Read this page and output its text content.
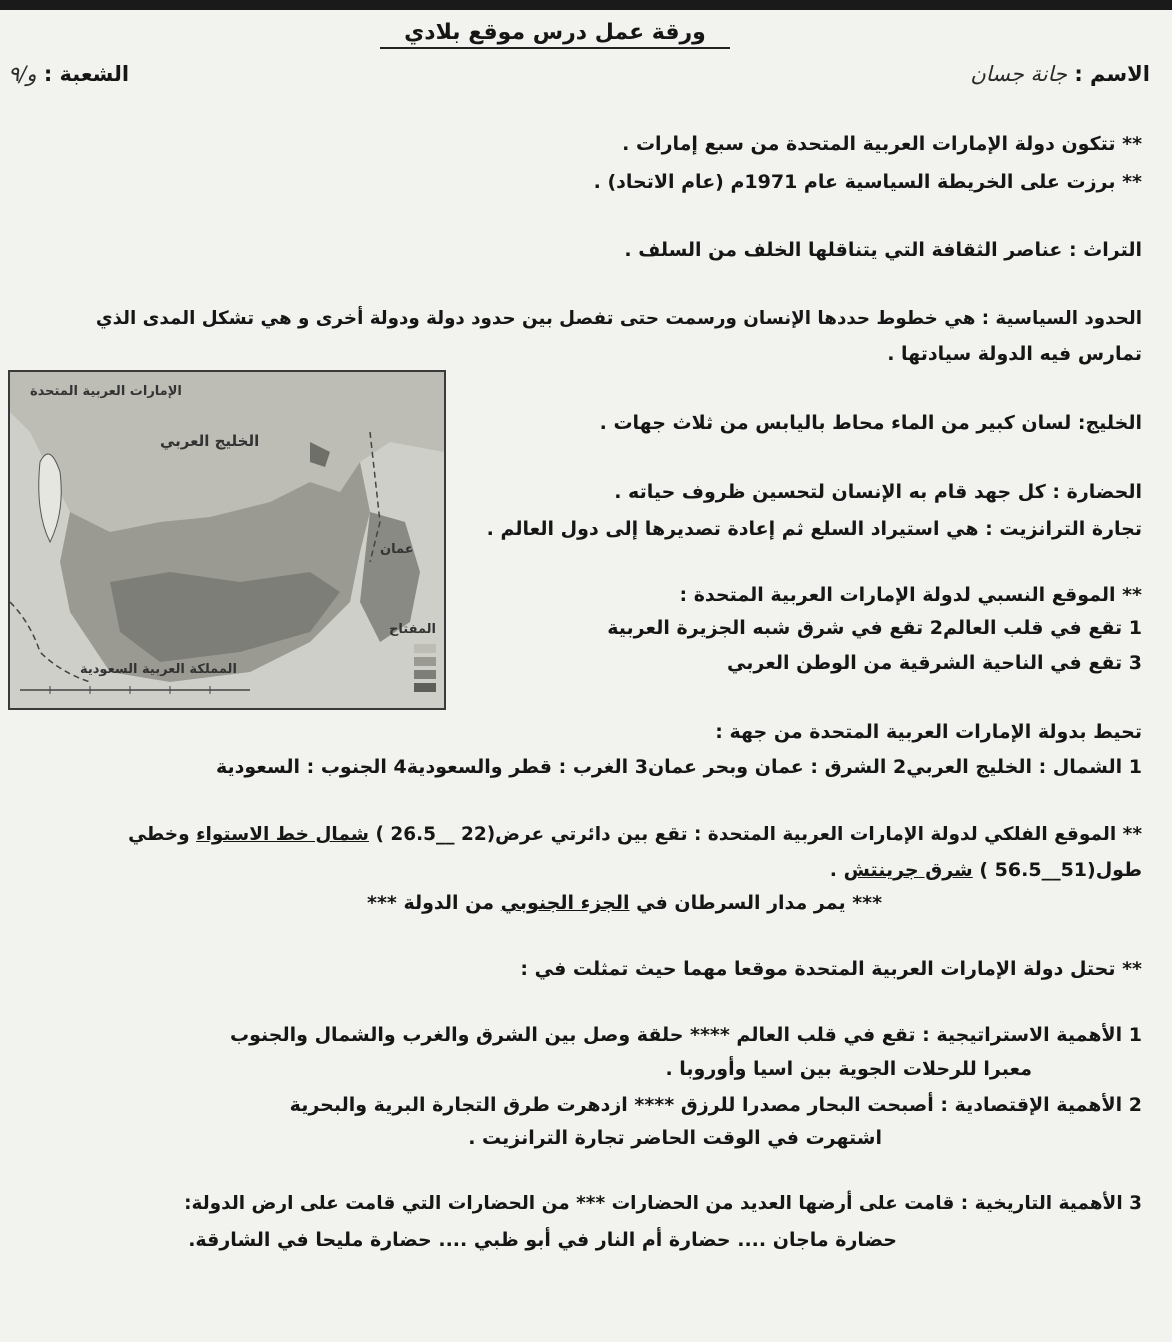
ورقة عمل درس موقع بلادي
الاسم : جانة جسان
الشعبة : و/٩
** تتكون دولة الإمارات العربية المتحدة من سبع إمارات .
** برزت على الخريطة السياسية عام 1971م (عام الاتحاد) .
التراث : عناصر الثقافة التي يتناقلها الخلف من السلف .
الحدود السياسية : هي خطوط حددها الإنسان ورسمت حتى تفصل بين حدود دولة ودولة أخرى و هي تشكل المدى الذي
تمارس فيه الدولة سيادتها .
الخليج: لسان كبير من الماء محاط باليابس من ثلاث جهات .
الحضارة : كل جهد قام به الإنسان لتحسين ظروف حياته .
تجارة الترانزيت : هي استيراد السلع ثم إعادة تصديرها إلى دول العالم .
** الموقع النسبي لدولة الإمارات العربية المتحدة :
1 تقع في قلب العالم2 تقع في شرق شبه الجزيرة العربية
3 تقع في الناحية الشرقية من الوطن العربي
تحيط بدولة الإمارات العربية المتحدة من جهة :
1 الشمال : الخليج العربي2 الشرق : عمان وبحر عمان3 الغرب : قطر والسعودية4 الجنوب : السعودية
** الموقع الفلكي لدولة الإمارات العربية المتحدة : تقع بين دائرتي عرض(22 __26.5 ) شمال خط الاستواء وخطي
طول(51__56.5 ) شرق جرينتش .
*** يمر مدار السرطان في الجزء الجنوبي من الدولة ***
** تحتل دولة الإمارات العربية المتحدة موقعا مهما حيث تمثلت في :
1 الأهمية الاستراتيجية : تقع في قلب العالم **** حلقة وصل بين الشرق والغرب والشمال والجنوب
معبرا للرحلات الجوية بين اسيا وأوروبا .
2 الأهمية الإقتصادية : أصبحت البحار مصدرا للرزق **** ازدهرت طرق التجارة البرية والبحرية
اشتهرت في الوقت الحاضر تجارة الترانزيت .
3 الأهمية التاريخية : قامت على أرضها العديد من الحضارات *** من الحضارات التي قامت على ارض الدولة:
حضارة ماجان .... حضارة أم النار في أبو ظبي .... حضارة مليحا في الشارقة.
الإمارات العربية المتحدة
الخليج العربي
المملكة العربية السعودية
عمان
المفتاح
